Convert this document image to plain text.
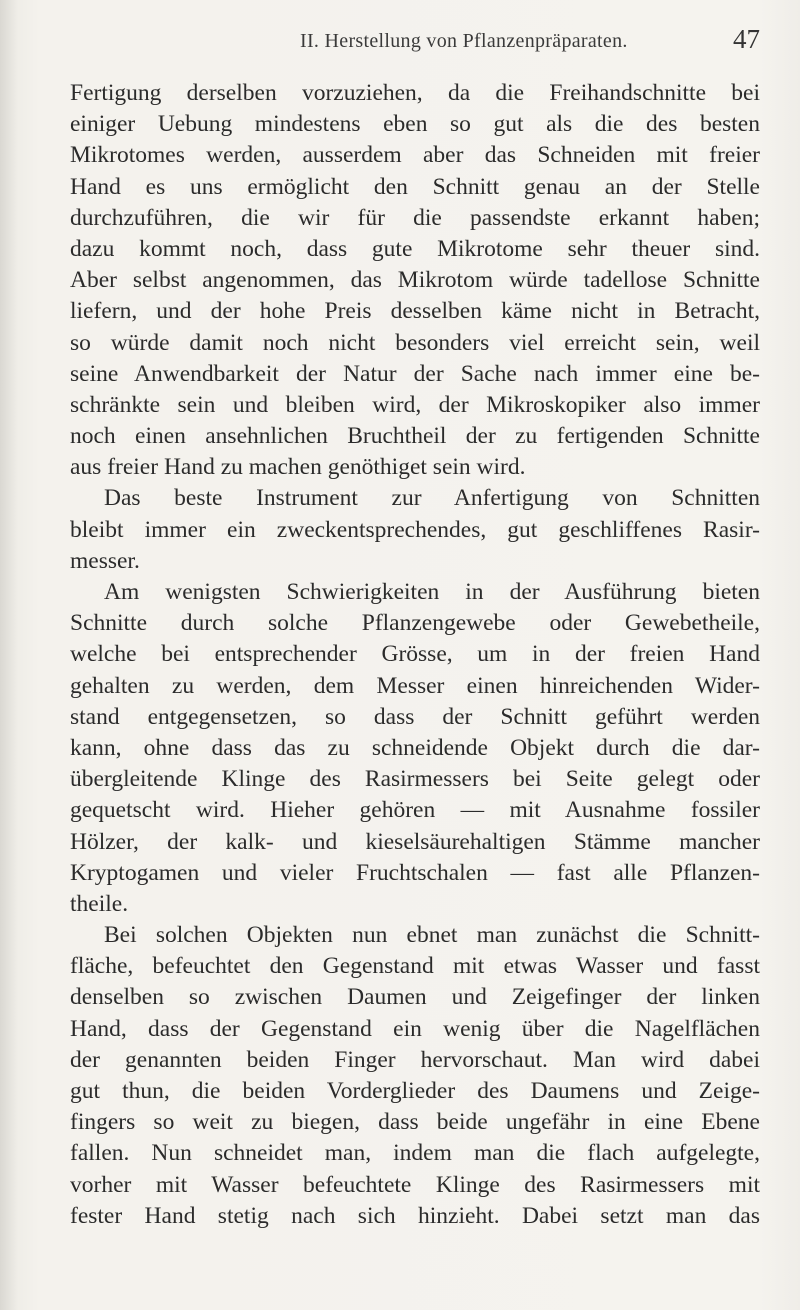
II. Herstellung von Pflanzenpräparaten.	47
Fertigung derselben vorzuziehen, da die Freihandschnitte bei
einiger Uebung mindestens eben so gut als die des besten
Mikrotomes werden, ausserdem aber das Schneiden mit freier
Hand es uns ermöglicht den Schnitt genau an der Stelle
durchzuführen, die wir für die passendste erkannt haben;
dazu kommt noch, dass gute Mikrotome sehr theuer sind.
Aber selbst angenommen, das Mikrotom würde tadellose Schnitte
liefern, und der hohe Preis desselben käme nicht in Betracht,
so würde damit noch nicht besonders viel erreicht sein, weil
seine Anwendbarkeit der Natur der Sache nach immer eine be-
schränkte sein und bleiben wird, der Mikroskopiker also immer
noch einen ansehnlichen Bruchtheil der zu fertigenden Schnitte
aus freier Hand zu machen genöthiget sein wird.
Das beste Instrument zur Anfertigung von Schnitten
bleibt immer ein zweckentsprechendes, gut geschliffenes Rasir-
messer.
Am wenigsten Schwierigkeiten in der Ausführung bieten
Schnitte durch solche Pflanzengewebe oder Gewebetheile,
welche bei entsprechender Grösse, um in der freien Hand
gehalten zu werden, dem Messer einen hinreichenden Wider-
stand entgegensetzen, so dass der Schnitt geführt werden
kann, ohne dass das zu schneidende Objekt durch die dar-
übergleitende Klinge des Rasirmessers bei Seite gelegt oder
gequetscht wird. Hieher gehören — mit Ausnahme fossiler
Hölzer, der kalk- und kieselsäurehaltigen Stämme mancher
Kryptogamen und vieler Fruchtschalen — fast alle Pflanzen-
theile.
Bei solchen Objekten nun ebnet man zunächst die Schnitt-
fläche, befeuchtet den Gegenstand mit etwas Wasser und fasst
denselben so zwischen Daumen und Zeigefinger der linken
Hand, dass der Gegenstand ein wenig über die Nagelflächen
der genannten beiden Finger hervorschaut. Man wird dabei
gut thun, die beiden Vorderglieder des Daumens und Zeige-
fingers so weit zu biegen, dass beide ungefähr in eine Ebene
fallen. Nun schneidet man, indem man die flach aufgelegte,
vorher mit Wasser befeuchtete Klinge des Rasirmessers mit
fester Hand stetig nach sich hinzieht. Dabei setzt man das
